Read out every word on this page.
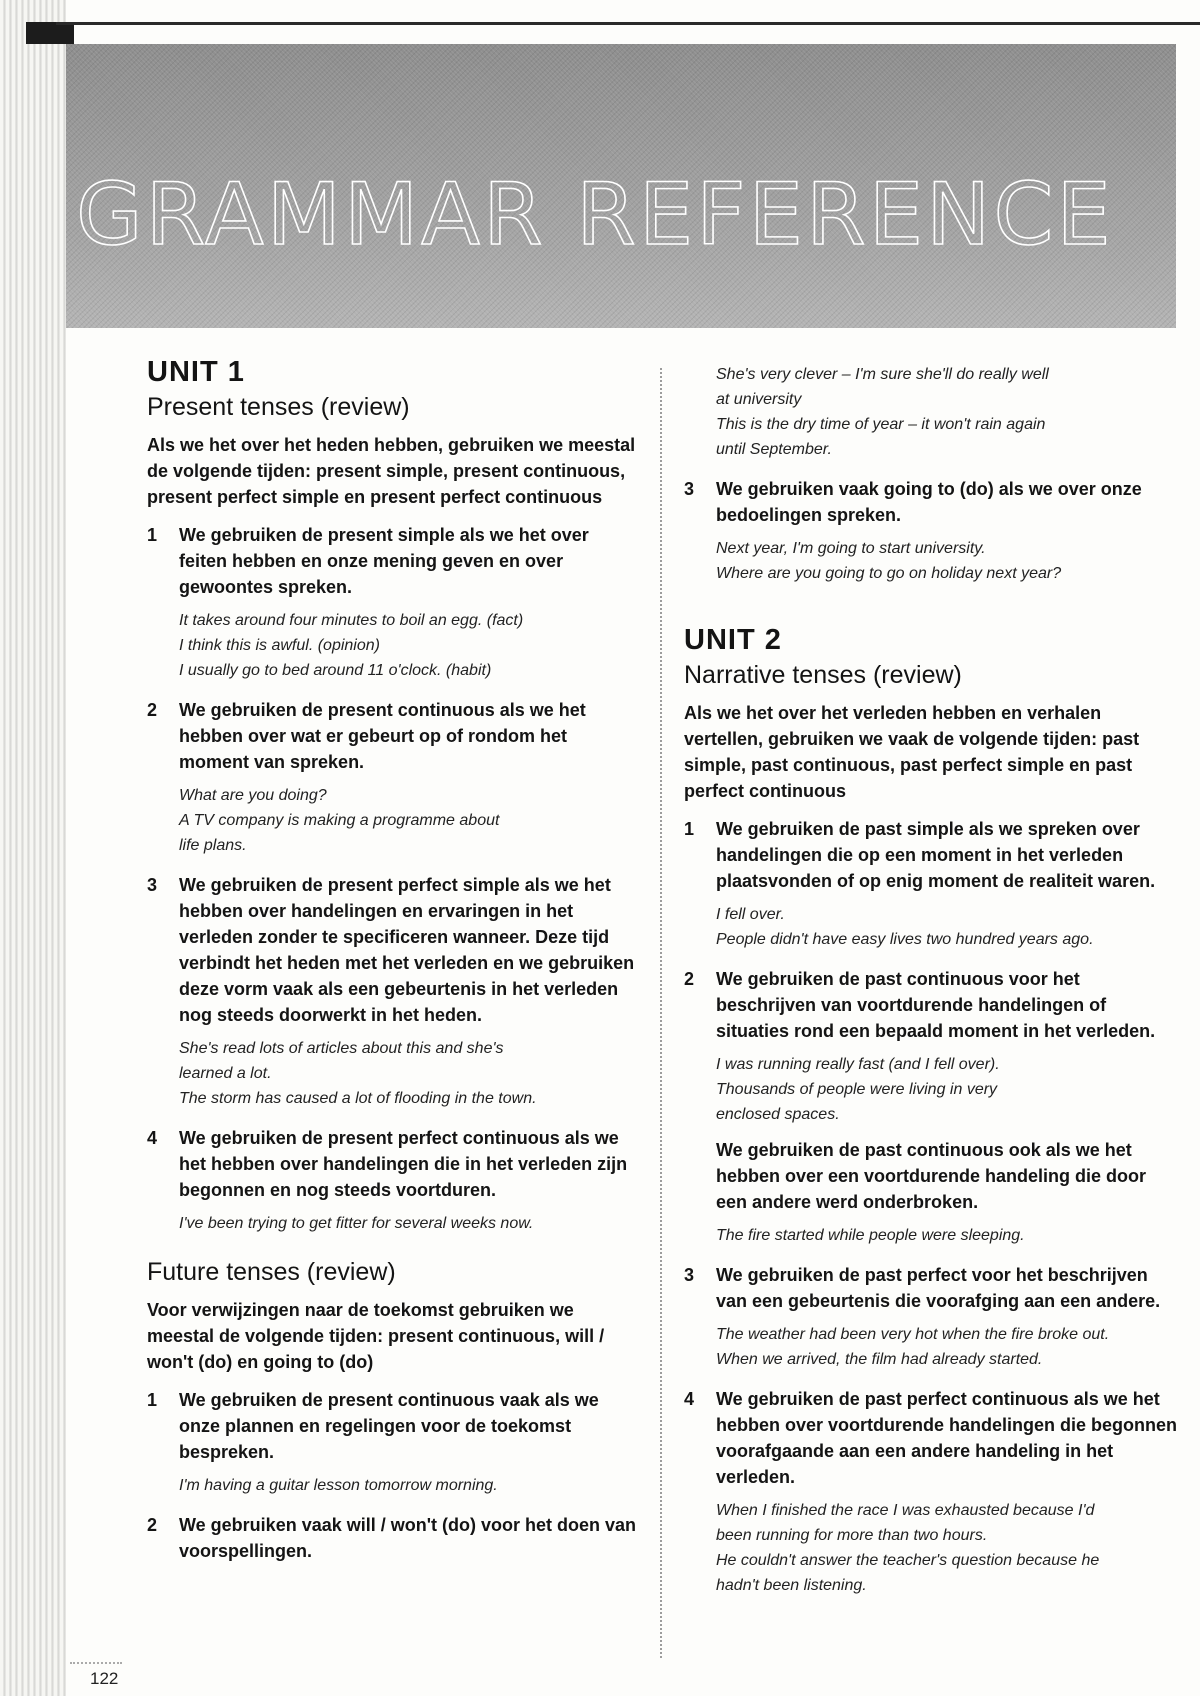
GRAMMAR REFERENCE
UNIT 1
Present tenses (review)

Als we het over het heden hebben, gebruiken we meestal de volgende tijden: present simple, present continuous, present perfect simple en present perfect continuous

1 We gebruiken de present simple als we het over feiten hebben en onze mening geven en over gewoontes spreken.

It takes around four minutes to boil an egg. (fact)

I think this is awful. (opinion)

I usually go to bed around 11 o'clock. (habit)

2 We gebruiken de present continuous als we het hebben over wat er gebeurt op of rondom het moment van spreken.

What are you doing?

A TV company is making a programme about

life plans.

3 We gebruiken de present perfect simple als we het hebben over handelingen en ervaringen in het verleden zonder te specificeren wanneer. Deze tijd verbindt het heden met het verleden en we gebruiken deze vorm vaak als een gebeurtenis in het verleden nog steeds doorwerkt in het heden.

She's read lots of articles about this and she's

learned a lot.

The storm has caused a lot of flooding in the town.

4 We gebruiken de present perfect continuous als we het hebben over handelingen die in het verleden zijn begonnen en nog steeds voortduren.

I've been trying to get fitter for several weeks now.

Future tenses (review)

Voor verwijzingen naar de toekomst gebruiken we meestal de volgende tijden: present continuous, will / won't (do) en going to (do)

1 We gebruiken de present continuous vaak als we onze plannen en regelingen voor de toekomst bespreken.

I'm having a guitar lesson tomorrow morning.

2 We gebruiken vaak will / won't (do) voor het doen van voorspellingen.

She's very clever – I'm sure she'll do really well

at university

This is the dry time of year – it won't rain again

until September.

3 We gebruiken vaak going to (do) als we over onze bedoelingen spreken.

Next year, I'm going to start university.

Where are you going to go on holiday next year?

UNIT 2
Narrative tenses (review)

Als we het over het verleden hebben en verhalen vertellen, gebruiken we vaak de volgende tijden: past simple, past continuous, past perfect simple en past perfect continuous

1 We gebruiken de past simple als we spreken over handelingen die op een moment in het verleden plaatsvonden of op enig moment de realiteit waren.

I fell over.

People didn't have easy lives two hundred years ago.

2 We gebruiken de past continuous voor het beschrijven van voortdurende handelingen of situaties rond een bepaald moment in het verleden.

I was running really fast (and I fell over).

Thousands of people were living in very

enclosed spaces.

We gebruiken de past continuous ook als we het hebben over een voortdurende handeling die door een andere werd onderbroken.

The fire started while people were sleeping.

3 We gebruiken de past perfect voor het beschrijven van een gebeurtenis die voorafging aan een andere.

The weather had been very hot when the fire broke out.

When we arrived, the film had already started.

4 We gebruiken de past perfect continuous als we het hebben over voortdurende handelingen die begonnen voorafgaande aan een andere handeling in het verleden.

When I finished the race I was exhausted because I'd

been running for more than two hours.

He couldn't answer the teacher's question because he

hadn't been listening.

122
